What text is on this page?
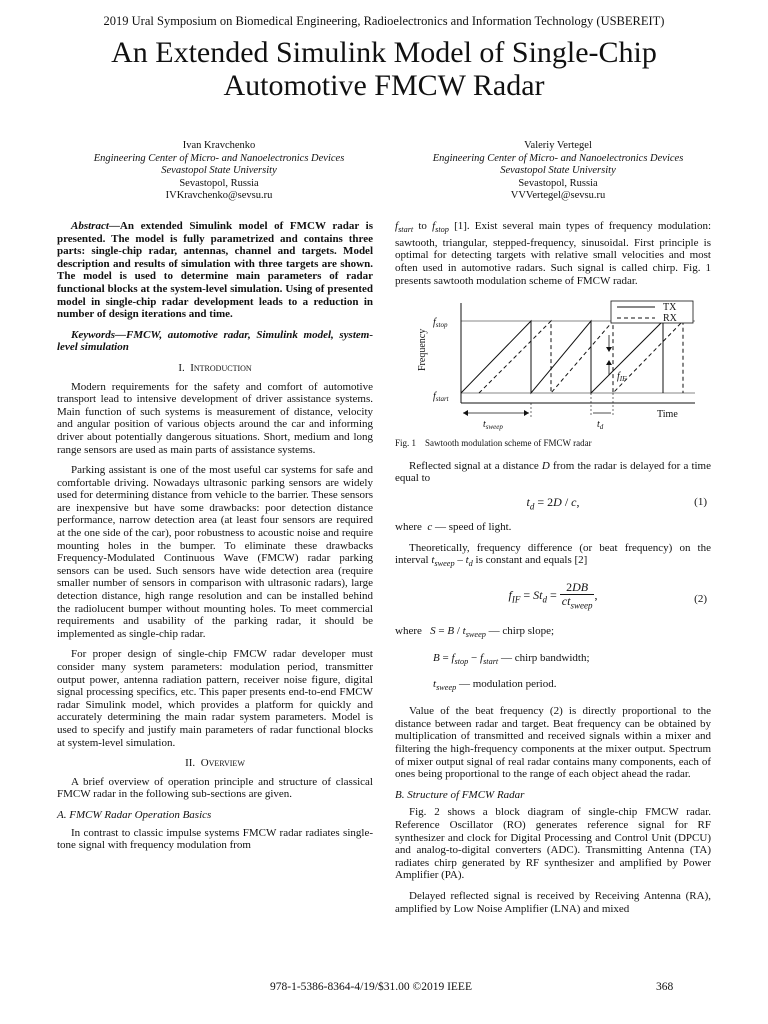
2019 Ural Symposium on Biomedical Engineering, Radioelectronics and Information Technology (USBEREIT)
An Extended Simulink Model of Single-Chip
Automotive FMCW Radar
Ivan Kravchenko
Engineering Center of Micro- and Nanoelectronics Devices
Sevastopol State University
Sevastopol, Russia
IVKravchenko@sevsu.ru
Valeriy Vertegel
Engineering Center of Micro- and Nanoelectronics Devices
Sevastopol State University
Sevastopol, Russia
VVVertegel@sevsu.ru

Abstract—An extended Simulink model of FMCW radar is presented. The model is fully parametrized and contains three parts: single-chip radar, antennas, channel and targets. Model description and results of simulation with three targets are shown. The model is used to determine main parameters of radar functional blocks at the system-level simulation. Using of presented model in single-chip radar development leads to a reduction in number of design iterations and time.

Keywords—FMCW, automotive radar, Simulink model, system-level simulation

I. Introduction

Modern requirements for the safety and comfort of automotive transport lead to intensive development of driver assistance systems. Main function of such systems is measurement of distance, velocity and angular position of various objects around the car and informing driver about potentially dangerous situations. Short, medium and long range sensors are used as main parts of assistance systems.

Parking assistant is one of the most useful car systems for safe and comfortable driving. Nowadays ultrasonic parking sensors are widely used for determining distance from vehicle to the barrier. These sensors are inexpensive but have some drawbacks: poor detection distance performance, narrow detection area (at least four sensors are required at the one side of the car), poor robustness to acoustic noise and require mounting holes in the bumper. To eliminate these drawbacks Frequency-Modulated Continuous Wave (FMCW) radar parking sensors can be used. Such sensors have wide detection area (require smaller number of sensors in comparison with ultrasonic radars), large detection distance, high range resolution and can be installed behind the radiolucent bumper without mounting holes. To meet commercial requirements and usability of the parking radar, it should be implemented as single-chip radar.

For proper design of single-chip FMCW radar developer must consider many system parameters: modulation period, transmitter output power, antenna radiation pattern, receiver noise figure, digital signal processing specifics, etc. This paper presents end-to-end FMCW radar Simulink model, which provides a platform for quickly and accurately determining the main radar system parameters. Model is used to specify and justify main parameters of radar functional blocks at system-level simulation.

II. Overview

A brief overview of operation principle and structure of classical FMCW radar in the following sub-sections are given.

A. FMCW Radar Operation Basics

In contrast to classic impulse systems FMCW radar radiates single-tone signal with frequency modulation from

$f_{start}$ to $f_{stop}$ [1]. Exist several main types of frequency modulation: sawtooth, triangular, stepped-frequency, sinusoidal. First principle is optimal for detecting targets with relative small velocities and most often used in automotive radars. Such signal is called chirp. Fig. 1 presents sawtooth modulation scheme of FMCW radar.

TX
RX
Frequency
Time
$f_{stop}$
$f_{start}$
$f_{IF}$
$t_{sweep}$	$t_d$
Fig. 1 Sawtooth modulation scheme of FMCW radar

Reflected signal at a distance D from the radar is delayed for a time equal to

$t_d = 2D / c$,	(1)

where  c — speed of light.

Theoretically, frequency difference (or beat frequency) on the interval $t_{sweep} - t_d$ is constant and equals [2]

$f_{IF} = St_d = \frac{2DB}{ct_{sweep}}$ ,	(2)

where   $S = B / t_{sweep}$ — chirp slope;

$B = f_{stop} - f_{start}$ — chirp bandwidth;

$t_{sweep}$ — modulation period.

Value of the beat frequency (2) is directly proportional to the distance between radar and target. Beat frequency can be obtained by multiplication of transmitted and received signals within a mixer and filtering the high-frequency components at the mixer output. Spectrum of mixer output signal of real radar contains many components, each of ones being proportional to the range of each object ahead the radar.

B. Structure of FMCW Radar

Fig. 2 shows a block diagram of single-chip FMCW radar. Reference Oscillator (RO) generates reference signal for RF synthesizer and clock for Digital Processing and Control Unit (DPCU) and analog-to-digital converters (ADC). Transmitting Antenna (TA) radiates chirp generated by RF synthesizer and amplified by Power Amplifier (PA).

Delayed reflected signal is received by Receiving Antenna (RA), amplified by Low Noise Amplifier (LNA) and mixed

978-1-5386-8364-4/19/$31.00 ©2019 IEEE	368
